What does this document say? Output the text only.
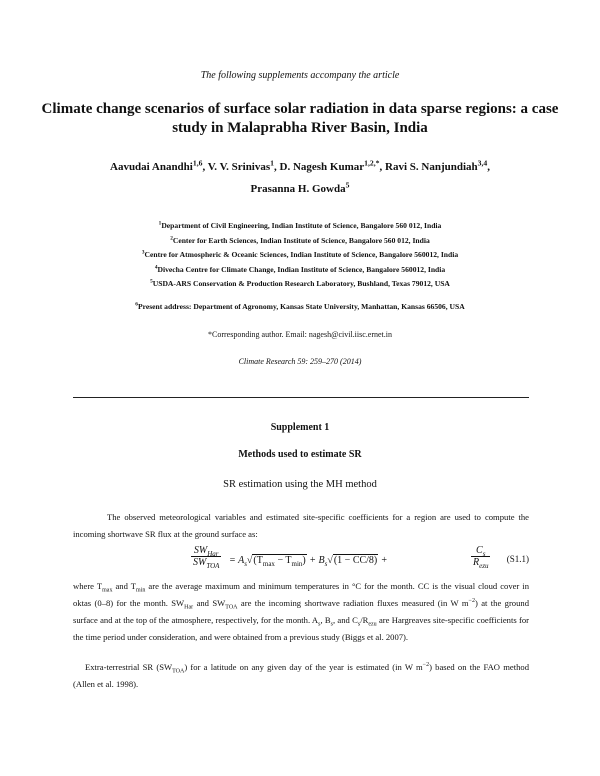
The following supplements accompany the article
Climate change scenarios of surface solar radiation in data sparse regions: a case study in Malaprabha River Basin, India
Aavudai Anandhi$^{1,6}$, V. V. Srinivas$^1$, D. Nagesh Kumar$^{1,2,*}$, Ravi S. Nanjundiah$^{3,4}$,
Prasanna H. Gowda$^5$
$^1$Department of Civil Engineering, Indian Institute of Science, Bangalore 560 012, India
$^2$Center for Earth Sciences, Indian Institute of Science, Bangalore 560 012, India
$^3$Centre for Atmospheric & Oceanic Sciences, Indian Institute of Science, Bangalore 560012, India
$^4$Divecha Centre for Climate Change, Indian Institute of Science, Bangalore 560012, India
$^5$USDA-ARS Conservation & Production Research Laboratory, Bushland, Texas 79012, USA
$^6$Present address: Department of Agronomy, Kansas State University, Manhattan, Kansas 66506, USA
*Corresponding author. Email: nagesh@civil.iisc.ernet.in
Climate Research 59: 259–270 (2014)
Supplement 1
Methods used to estimate SR
SR estimation using the MH method
The observed meteorological variables and estimated site-specific coefficients for a region are used to compute the incoming shortwave SR flux at the ground surface as:
$SW_{Har}$
$SW_{TOA} = A_s√(T_{max} - T_{min}) + B_s√(1 - CC/8)$ +
$C_s$
$R_{ezu}$
(S1.1)
where $T_{max}$ and $T_{min}$ are the average maximum and minimum temperatures in °C for the month. CC is the visual cloud cover in oktas (0–8) for the month. $SW_{Har}$ and $SW_{TOA}$ are the incoming shortwave radiation fluxes measured (in W $m^{-2}$) at the ground surface and at the top of the atmosphere, respectively, for the month. $A_s$, $B_s$, and $C_s/R_{ezu}$ are Hargreaves site-specific coefficients for the time period under consideration, and were obtained from a previous study (Biggs et al. 2007).
Extra-terrestrial SR $(SW_{TOA})$ for a latitude on any given day of the year is estimated (in W $m^{-2}$) based on the FAO method (Allen et al. 1998).
